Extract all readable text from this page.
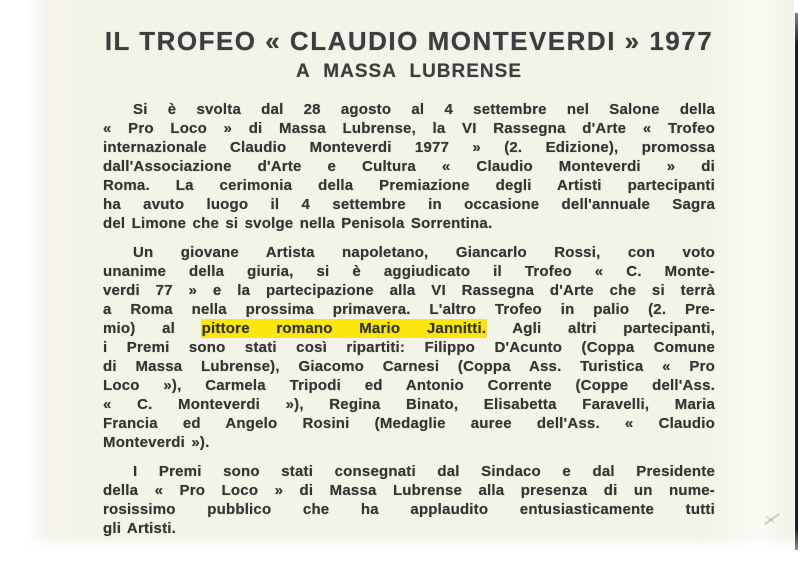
IL TROFEO « CLAUDIO MONTEVERDI » 1977
A MASSA LUBRENSE
Si è svolta dal 28 agosto al 4 settembre nel Salone della
« Pro Loco » di Massa Lubrense, la VI Rassegna d'Arte « Trofeo
internazionale Claudio Monteverdi 1977 » (2. Edizione), promossa
dall'Associazione d'Arte e Cultura « Claudio Monteverdi » di
Roma. La cerimonia della Premiazione degli Artisti partecipanti
ha avuto luogo il 4 settembre in occasione dell'annuale Sagra
del Limone che si svolge nella Penisola Sorrentina.
Un giovane Artista napoletano, Giancarlo Rossi, con voto
unanime della giuria, si è aggiudicato il Trofeo « C. Monte-
verdi 77 » e la partecipazione alla VI Rassegna d'Arte che si terrà
a Roma nella prossima primavera. L'altro Trofeo in palio (2. Pre-
mio) al pittore romano Mario Jannitti. Agli altri partecipanti,
i Premi sono stati così ripartiti: Filippo D'Acunto (Coppa Comune
di Massa Lubrense), Giacomo Carnesi (Coppa Ass. Turistica « Pro
Loco »), Carmela Tripodi ed Antonio Corrente (Coppe dell'Ass.
« C. Monteverdi »), Regina Binato, Elisabetta Faravelli, Maria
Francia ed Angelo Rosini (Medaglie auree dell'Ass. « Claudio
Monteverdi »).
I Premi sono stati consegnati dal Sindaco e dal Presidente
della « Pro Loco » di Massa Lubrense alla presenza di un nume-
rosissimo pubblico che ha applaudito entusiasticamente tutti
gli Artisti.
